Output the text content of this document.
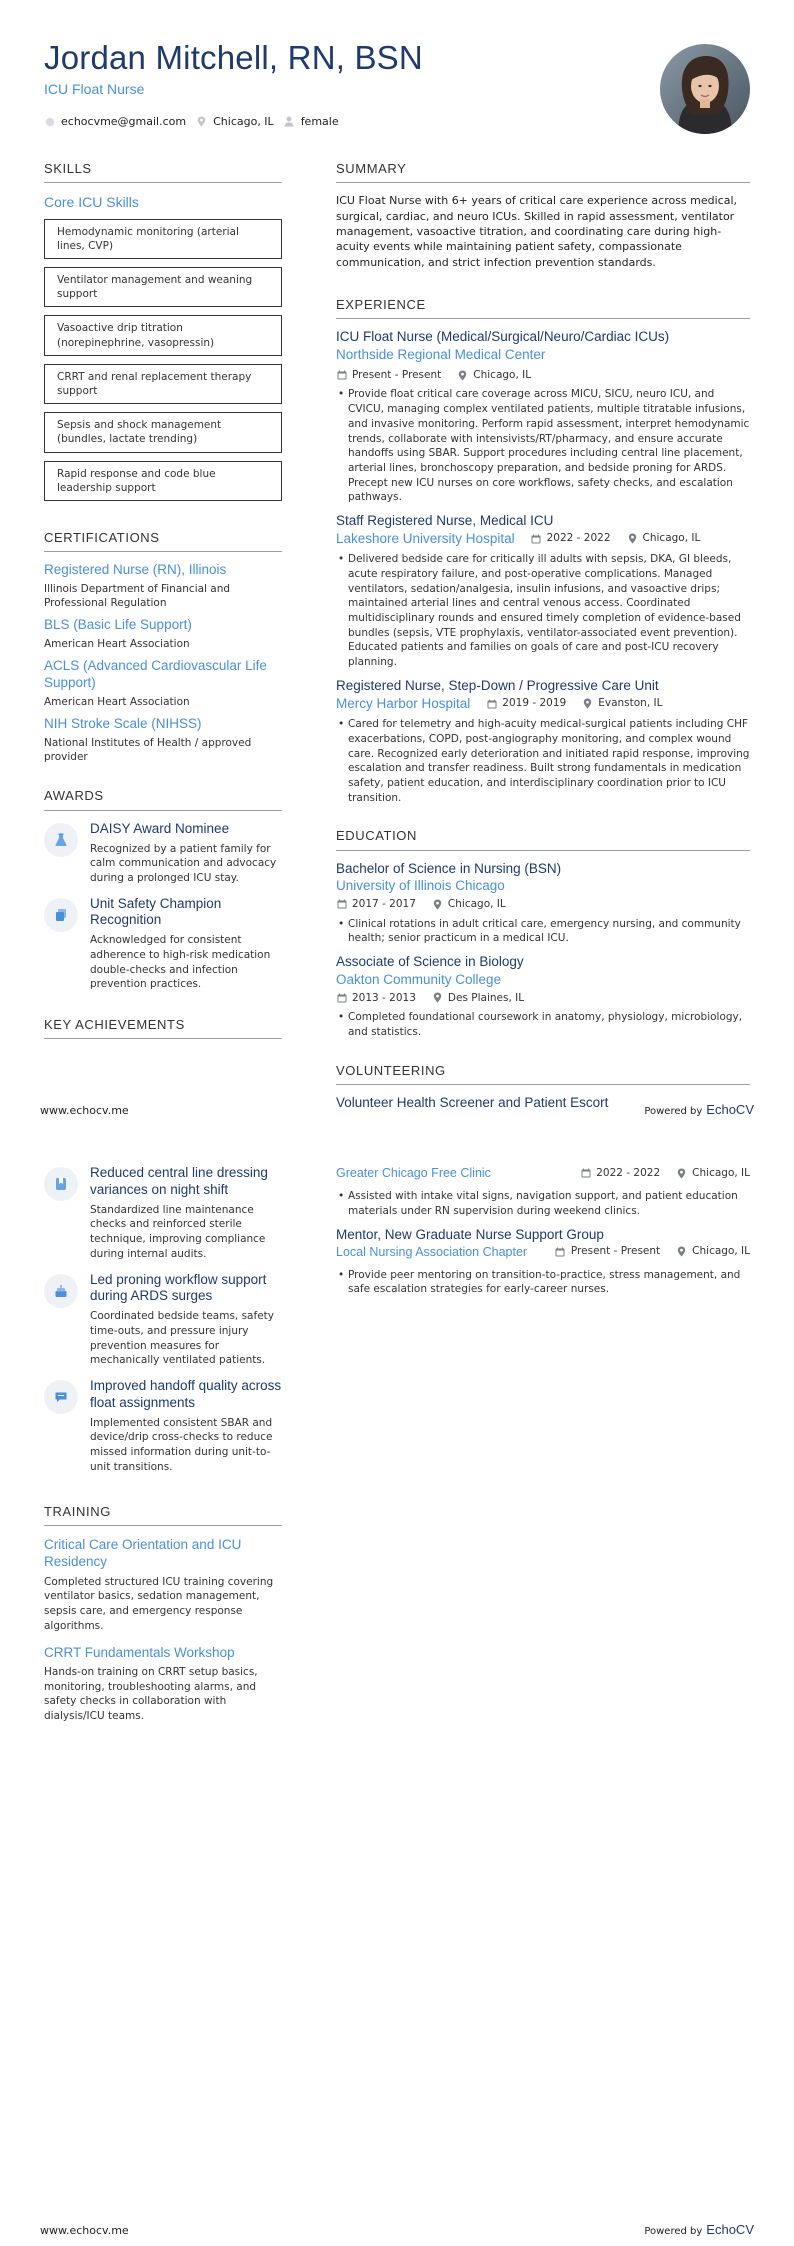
Jordan Mitchell, RN, BSN
ICU Float Nurse
echocvme@gmail.com Chicago, IL female
SKILLS
Core ICU Skills
Hemodynamic monitoring (arterial lines, CVP)
Ventilator management and weaning support
Vasoactive drip titration (norepinephrine, vasopressin)
CRRT and renal replacement therapy support
Sepsis and shock management (bundles, lactate trending)
Rapid response and code blue leadership support
CERTIFICATIONS
Registered Nurse (RN), Illinois
Illinois Department of Financial and Professional Regulation
BLS (Basic Life Support)
American Heart Association
ACLS (Advanced Cardiovascular Life Support)
American Heart Association
NIH Stroke Scale (NIHSS)
National Institutes of Health / approved provider
AWARDS
DAISY Award Nominee
Recognized by a patient family for calm communication and advocacy during a prolonged ICU stay.
Unit Safety Champion Recognition
Acknowledged for consistent adherence to high-risk medication double-checks and infection prevention practices.
KEY ACHIEVEMENTS
SUMMARY
ICU Float Nurse with 6+ years of critical care experience across medical, surgical, cardiac, and neuro ICUs. Skilled in rapid assessment, ventilator management, vasoactive titration, and coordinating care during high-acuity events while maintaining patient safety, compassionate communication, and strict infection prevention standards.
EXPERIENCE
ICU Float Nurse (Medical/Surgical/Neuro/Cardiac ICUs)
Northside Regional Medical Center
Present - Present	Chicago, IL
• Provide float critical care coverage across MICU, SICU, neuro ICU, and CVICU, managing complex ventilated patients, multiple titratable infusions, and invasive monitoring. Perform rapid assessment, interpret hemodynamic trends, collaborate with intensivists/RT/pharmacy, and ensure accurate handoffs using SBAR. Support procedures including central line placement, arterial lines, bronchoscopy preparation, and bedside proning for ARDS. Precept new ICU nurses on core workflows, safety checks, and escalation pathways.
Staff Registered Nurse, Medical ICU
Lakeshore University Hospital	2022 - 2022	Chicago, IL
• Delivered bedside care for critically ill adults with sepsis, DKA, GI bleeds, acute respiratory failure, and post-operative complications. Managed ventilators, sedation/analgesia, insulin infusions, and vasoactive drips; maintained arterial lines and central venous access. Coordinated multidisciplinary rounds and ensured timely completion of evidence-based bundles (sepsis, VTE prophylaxis, ventilator-associated event prevention). Educated patients and families on goals of care and post-ICU recovery planning.
Registered Nurse, Step-Down / Progressive Care Unit
Mercy Harbor Hospital	2019 - 2019	Evanston, IL
• Cared for telemetry and high-acuity medical-surgical patients including CHF exacerbations, COPD, post-angiography monitoring, and complex wound care. Recognized early deterioration and initiated rapid response, improving escalation and transfer readiness. Built strong fundamentals in medication safety, patient education, and interdisciplinary coordination prior to ICU transition.
EDUCATION
Bachelor of Science in Nursing (BSN)
University of Illinois Chicago
2017 - 2017	Chicago, IL
• Clinical rotations in adult critical care, emergency nursing, and community health; senior practicum in a medical ICU.
Associate of Science in Biology
Oakton Community College
2013 - 2013	Des Plaines, IL
• Completed foundational coursework in anatomy, physiology, microbiology, and statistics.
VOLUNTEERING
Volunteer Health Screener and Patient Escort
www.echocv.me	Powered by EchoCV
Reduced central line dressing variances on night shift
Standardized line maintenance checks and reinforced sterile technique, improving compliance during internal audits.
Led proning workflow support during ARDS surges
Coordinated bedside teams, safety time-outs, and pressure injury prevention measures for mechanically ventilated patients.
Improved handoff quality across float assignments
Implemented consistent SBAR and device/drip cross-checks to reduce missed information during unit-to-unit transitions.
TRAINING
Critical Care Orientation and ICU Residency
Completed structured ICU training covering ventilator basics, sedation management, sepsis care, and emergency response algorithms.
CRRT Fundamentals Workshop
Hands-on training on CRRT setup basics, monitoring, troubleshooting alarms, and safety checks in collaboration with dialysis/ICU teams.
Greater Chicago Free Clinic	2022 - 2022	Chicago, IL
• Assisted with intake vital signs, navigation support, and patient education materials under RN supervision during weekend clinics.
Mentor, New Graduate Nurse Support Group
Local Nursing Association Chapter	Present - Present	Chicago, IL
• Provide peer mentoring on transition-to-practice, stress management, and safe escalation strategies for early-career nurses.
www.echocv.me	Powered by EchoCV
